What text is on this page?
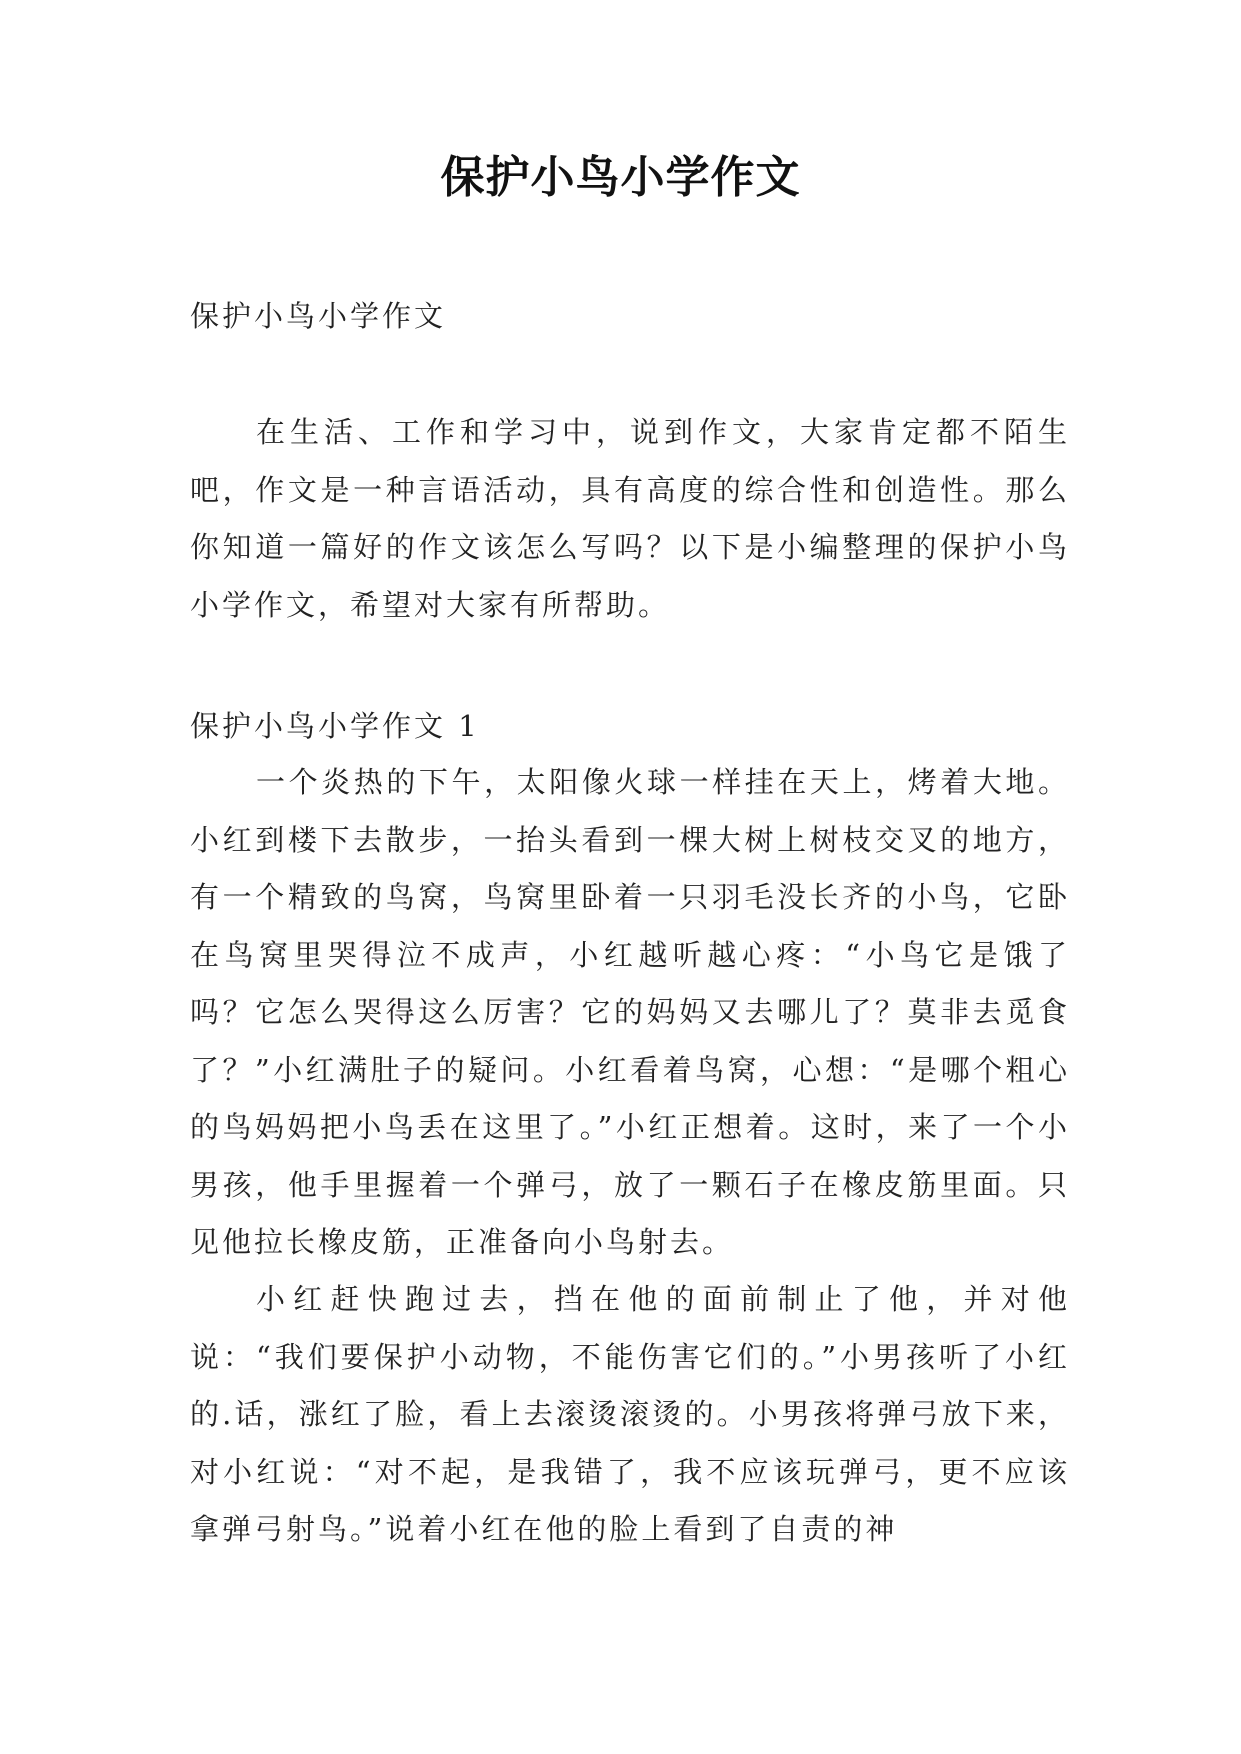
保护小鸟小学作文
保护小鸟小学作文

在生活、工作和学习中，说到作文，大家肯定都不陌生吧，作文是一种言语活动，具有高度的综合性和创造性。那么你知道一篇好的作文该怎么写吗？以下是小编整理的保护小鸟小学作文，希望对大家有所帮助。

保护小鸟小学作文 1

一个炎热的下午，太阳像火球一样挂在天上，烤着大地。小红到楼下去散步，一抬头看到一棵大树上树枝交叉的地方，有一个精致的鸟窝，鸟窝里卧着一只羽毛没长齐的小鸟，它卧在鸟窝里哭得泣不成声，小红越听越心疼：“小鸟它是饿了吗？它怎么哭得这么厉害？它的妈妈又去哪儿了？莫非去觅食了？”小红满肚子的疑问。小红看着鸟窝，心想：“是哪个粗心的鸟妈妈把小鸟丢在这里了。”小红正想着。这时，来了一个小男孩，他手里握着一个弹弓，放了一颗石子在橡皮筋里面。只见他拉长橡皮筋，正准备向小鸟射去。

小红赶快跑过去，挡在他的面前制止了他，并对他说：“我们要保护小动物，不能伤害它们的。”小男孩听了小红的.话，涨红了脸，看上去滚烫滚烫的。小男孩将弹弓放下来，对小红说：“对不起，是我错了，我不应该玩弹弓，更不应该拿弹弓射鸟。”说着小红在他的脸上看到了自责的神
